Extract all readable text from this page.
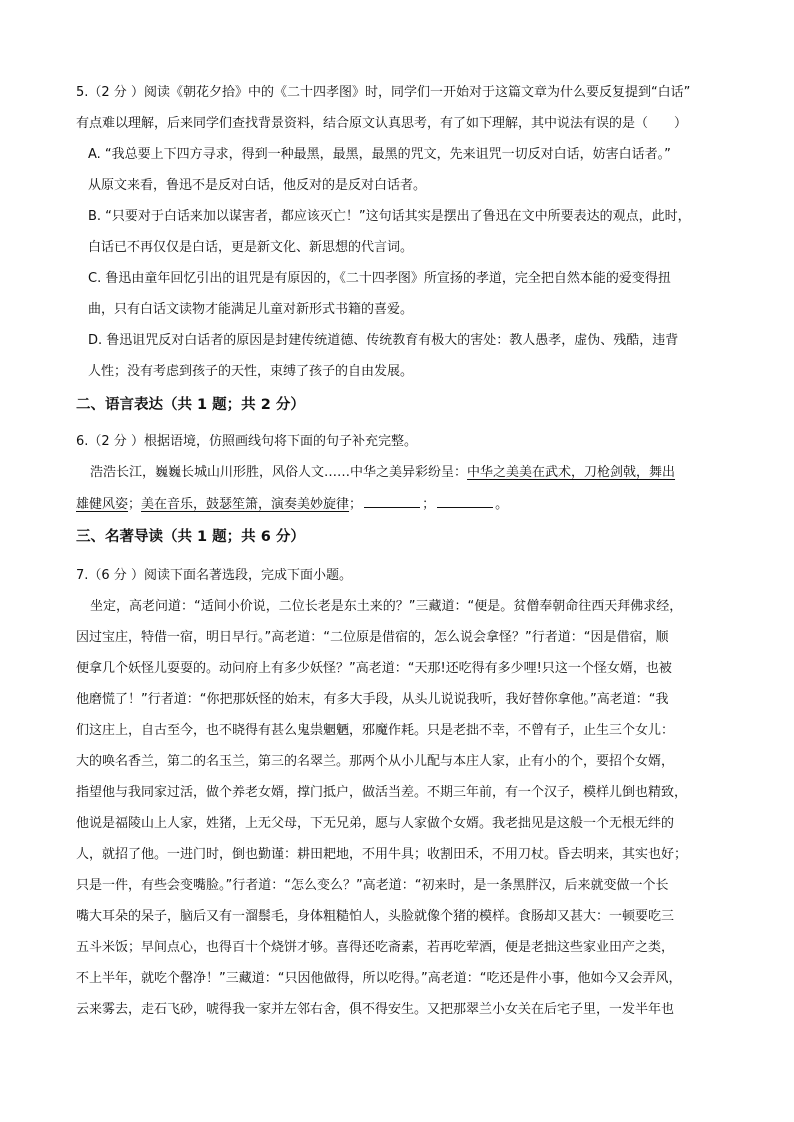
5.（2 分 ）阅读《朝花夕拾》中的《二十四孝图》时，同学们一开始对于这篇文章为什么要反复提到“白话”
有点难以理解，后来同学们查找背景资料，结合原文认真思考，有了如下理解，其中说法有误的是（　　）
A. “我总要上下四方寻求，得到一种最黑，最黑，最黑的咒文，先来诅咒一切反对白话，妨害白话者。”
从原文来看，鲁迅不是反对白话，他反对的是反对白话者。
B. “只要对于白话来加以谋害者，都应该灭亡！”这句话其实是摆出了鲁迅在文中所要表达的观点，此时，
白话已不再仅仅是白话，更是新文化、新思想的代言词。
C. 鲁迅由童年回忆引出的诅咒是有原因的，《二十四孝图》所宣扬的孝道，完全把自然本能的爱变得扭
曲，只有白话文读物才能满足儿童对新形式书籍的喜爱。
D. 鲁迅诅咒反对白话者的原因是封建传统道德、传统教育有极大的害处：教人愚孝，虚伪、残酷，违背
人性；没有考虑到孩子的天性，束缚了孩子的自由发展。
二、语言表达（共 1 题；共 2 分）
6.（2 分 ）根据语境，仿照画线句将下面的句子补充完整。
浩浩长江，巍巍长城山川形胜，风俗人文……中华之美异彩纷呈：中华之美美在武术，刀枪剑戟，舞出
雄健风姿；美在音乐，鼓瑟笙箫，演奏美妙旋律；	；	。
三、名著导读（共 1 题；共 6 分）
7.（6 分 ）阅读下面名著选段，完成下面小题。
坐定，高老问道：“适间小价说，二位长老是东土来的？”三藏道：“便是。贫僧奉朝命往西天拜佛求经，
因过宝庄，特借一宿，明日早行。”高老道：“二位原是借宿的，怎么说会拿怪？”行者道：“因是借宿，顺
便拿几个妖怪儿耍耍的。动问府上有多少妖怪？”高老道：“天那!还吃得有多少哩!只这一个怪女婿，也被
他磨慌了！”行者道：“你把那妖怪的始末，有多大手段，从头儿说说我听，我好替你拿他。”高老道：“我
们这庄上，自古至今，也不晓得有甚么鬼祟魍魉，邪魔作耗。只是老拙不幸，不曾有子，止生三个女儿：
大的唤名香兰，第二的名玉兰，第三的名翠兰。那两个从小儿配与本庄人家，止有小的个，要招个女婿，
指望他与我同家过活，做个养老女婿，撑门抵户，做活当差。不期三年前，有一个汉子，模样儿倒也精致，
他说是福陵山上人家，姓猪，上无父母，下无兄弟，愿与人家做个女婿。我老拙见是这般一个无根无绊的
人，就招了他。一进门时，倒也勤谨：耕田耙地，不用牛具；收割田禾，不用刀杖。昏去明来，其实也好；
只是一件，有些会变嘴脸。”行者道：“怎么变么？”高老道：“初来时，是一条黑胖汉，后来就变做一个长
嘴大耳朵的呆子，脑后又有一溜鬃毛，身体粗糙怕人，头脸就像个猪的模样。食肠却又甚大：一顿要吃三
五斗米饭；早间点心，也得百十个烧饼才够。喜得还吃斋素，若再吃荤酒，便是老拙这些家业田产之类，
不上半年，就吃个罄净！”三藏道：“只因他做得，所以吃得。”高老道：“吃还是件小事，他如今又会弄风，
云来雾去，走石飞砂，唬得我一家并左邻右舍，俱不得安生。又把那翠兰小女关在后宅子里，一发半年也
